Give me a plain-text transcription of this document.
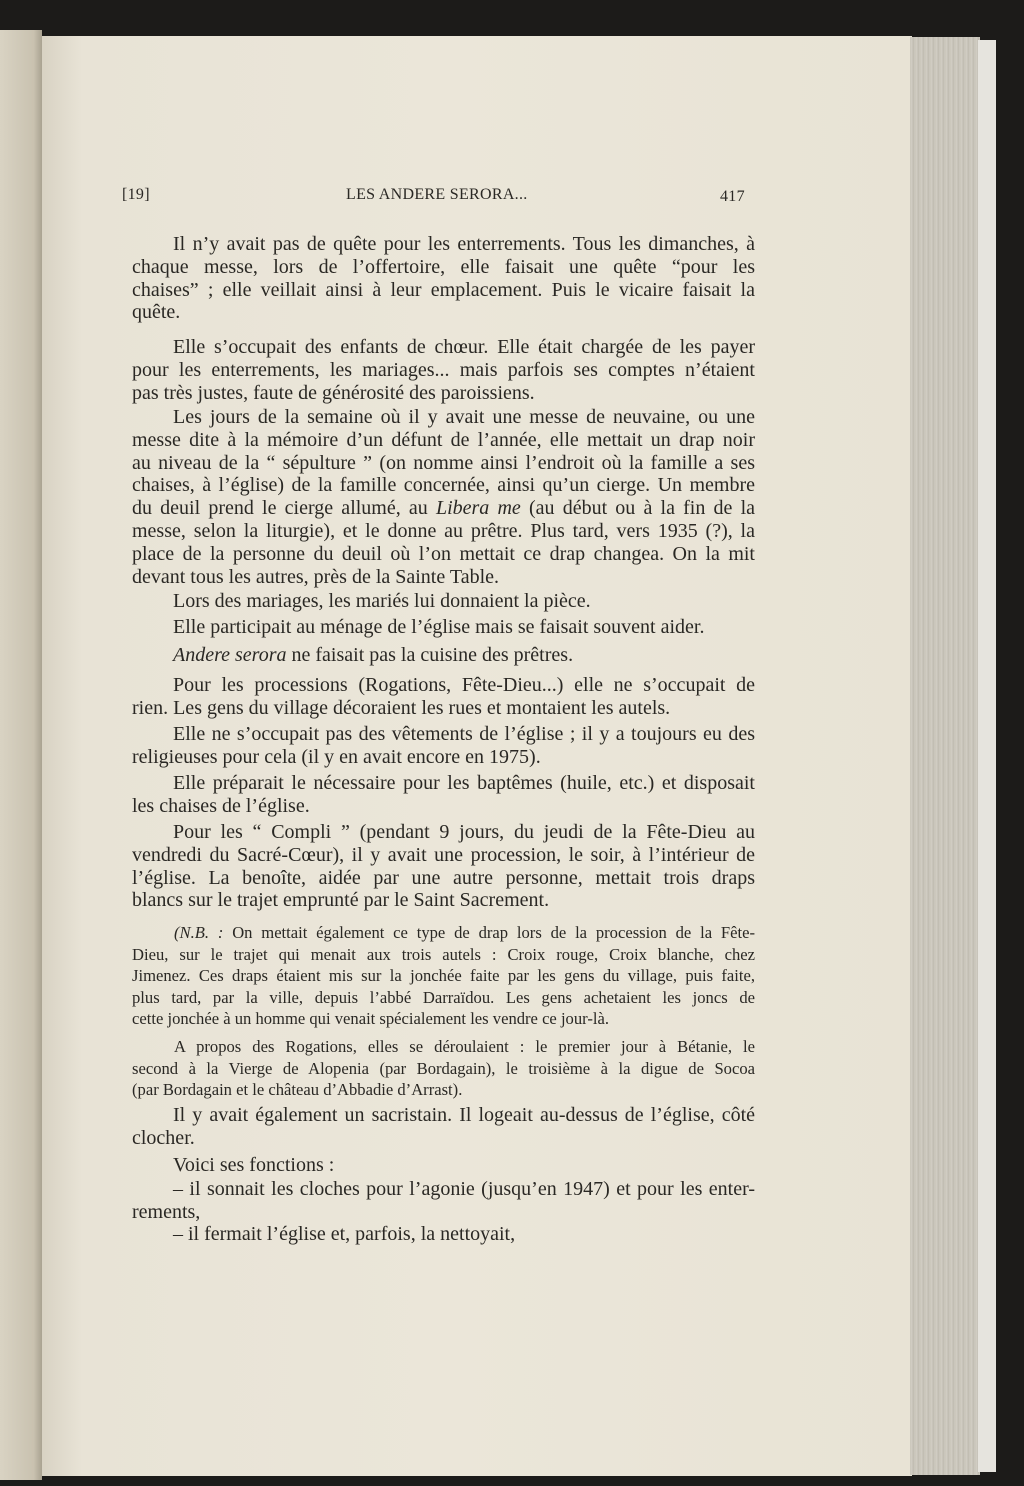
[19]	LES ANDERE SERORA...	417
Il n’y avait pas de quête pour les enterrements. Tous les dimanches, à
chaque messe, lors de l’offertoire, elle faisait une quête “pour les
chaises” ; elle veillait ainsi à leur emplacement. Puis le vicaire faisait la
quête.
Elle s’occupait des enfants de chœur. Elle était chargée de les payer
pour les enterrements, les mariages... mais parfois ses comptes n’étaient
pas très justes, faute de générosité des paroissiens.
Les jours de la semaine où il y avait une messe de neuvaine, ou une
messe dite à la mémoire d’un défunt de l’année, elle mettait un drap noir
au niveau de la “ sépulture ” (on nomme ainsi l’endroit où la famille a ses
chaises, à l’église) de la famille concernée, ainsi qu’un cierge. Un membre
du deuil prend le cierge allumé, au Libera me (au début ou à la fin de la
messe, selon la liturgie), et le donne au prêtre. Plus tard, vers 1935 (?), la
place de la personne du deuil où l’on mettait ce drap changea. On la mit
devant tous les autres, près de la Sainte Table.
Lors des mariages, les mariés lui donnaient la pièce.
Elle participait au ménage de l’église mais se faisait souvent aider.
Andere serora ne faisait pas la cuisine des prêtres.
Pour les processions (Rogations, Fête-Dieu...) elle ne s’occupait de
rien. Les gens du village décoraient les rues et montaient les autels.
Elle ne s’occupait pas des vêtements de l’église ; il y a toujours eu des
religieuses pour cela (il y en avait encore en 1975).
Elle préparait le nécessaire pour les baptêmes (huile, etc.) et disposait
les chaises de l’église.
Pour les “ Compli ” (pendant 9 jours, du jeudi de la Fête-Dieu au
vendredi du Sacré-Cœur), il y avait une procession, le soir, à l’intérieur de
l’église. La benoîte, aidée par une autre personne, mettait trois draps
blancs sur le trajet emprunté par le Saint Sacrement.
(N.B. : On mettait également ce type de drap lors de la procession de la Fête-
Dieu, sur le trajet qui menait aux trois autels : Croix rouge, Croix blanche, chez
Jimenez. Ces draps étaient mis sur la jonchée faite par les gens du village, puis faite,
plus tard, par la ville, depuis l’abbé Darraïdou. Les gens achetaient les joncs de
cette jonchée à un homme qui venait spécialement les vendre ce jour-là.
A propos des Rogations, elles se déroulaient : le premier jour à Bétanie, le
second à la Vierge de Alopenia (par Bordagain), le troisième à la digue de Socoa
(par Bordagain et le château d’Abbadie d’Arrast).
Il y avait également un sacristain. Il logeait au-dessus de l’église, côté
clocher.
Voici ses fonctions :
– il sonnait les cloches pour l’agonie (jusqu’en 1947) et pour les enter-
rements,
– il fermait l’église et, parfois, la nettoyait,
